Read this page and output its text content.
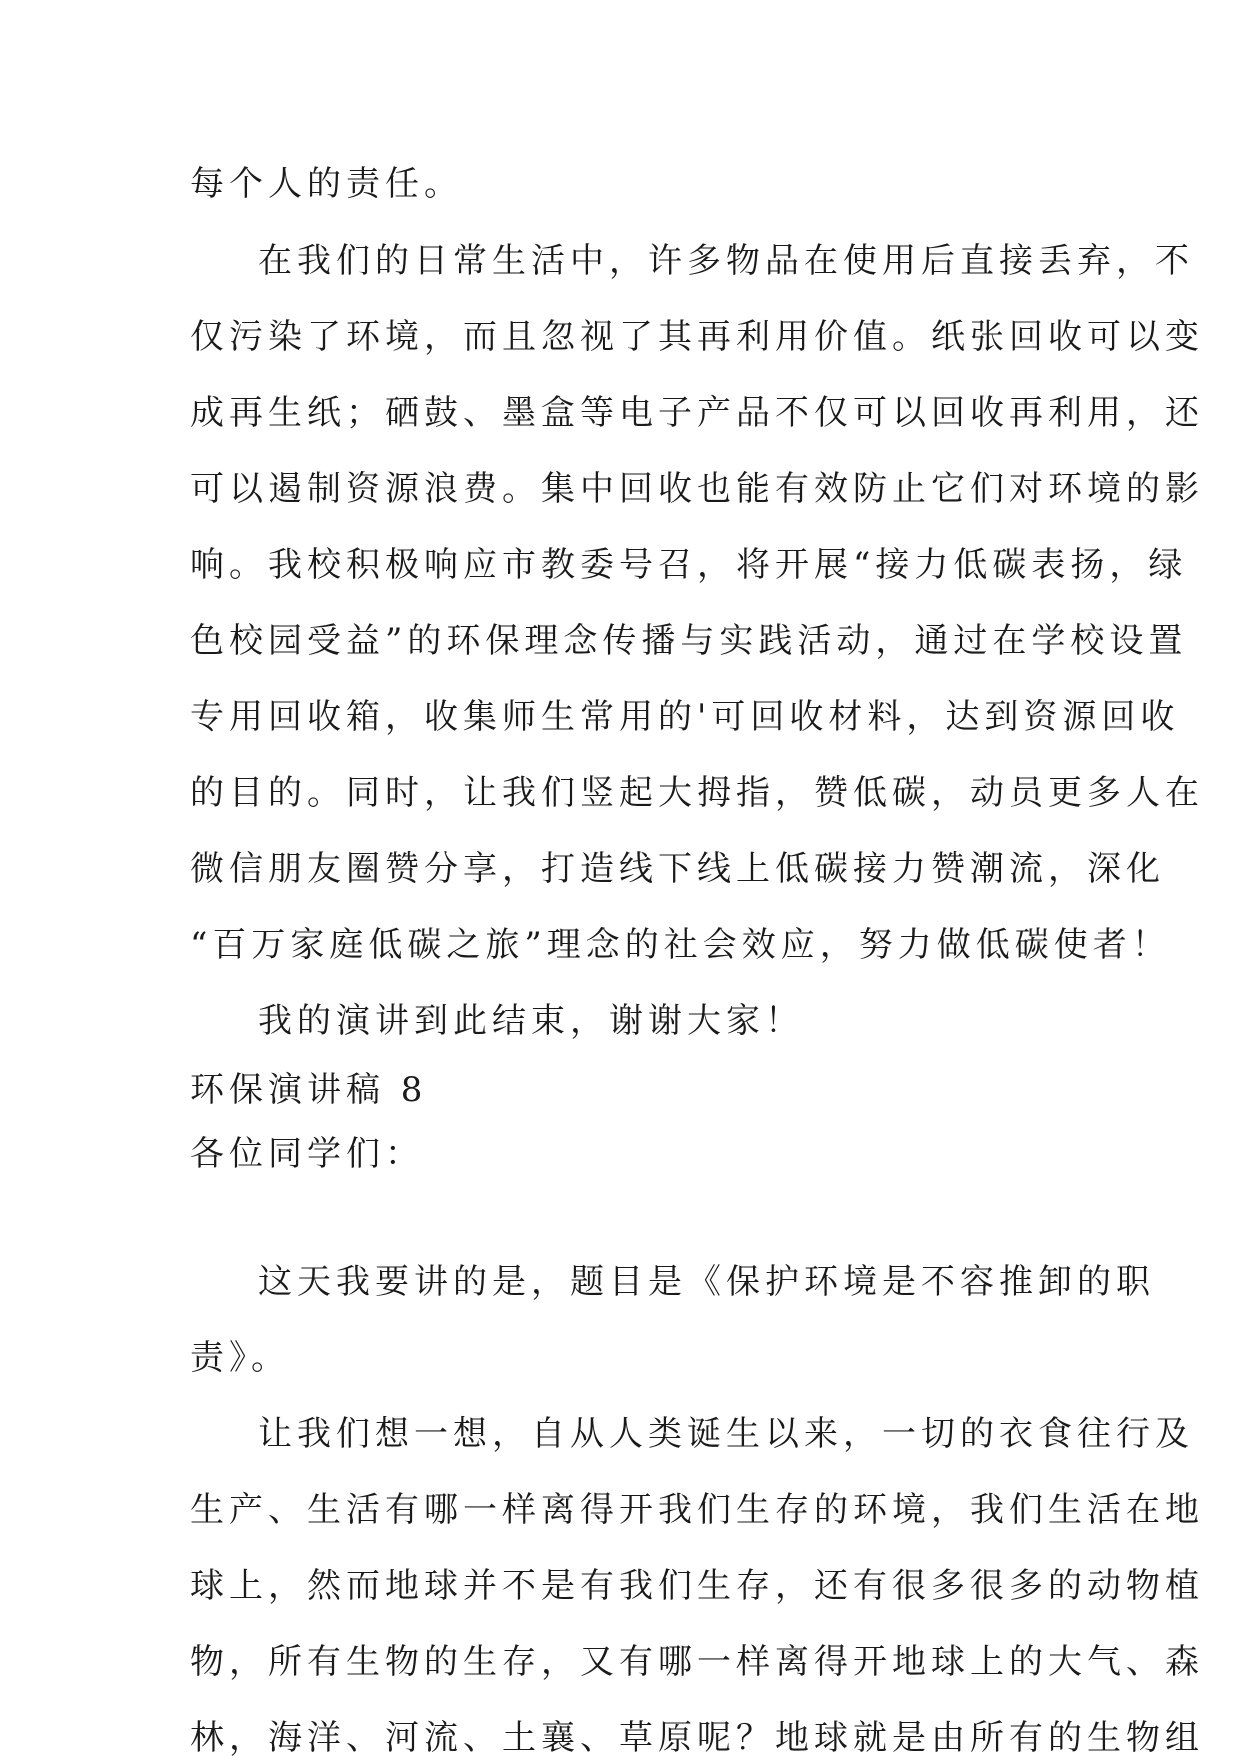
每个人的责任。
在我们的日常生活中，许多物品在使用后直接丢弃，不
仅污染了环境，而且忽视了其再利用价值。纸张回收可以变
成再生纸；硒鼓、墨盒等电子产品不仅可以回收再利用，还
可以遏制资源浪费。集中回收也能有效防止它们对环境的影
响。我校积极响应市教委号召，将开展“接力低碳表扬，绿
色校园受益”的环保理念传播与实践活动，通过在学校设置
专用回收箱，收集师生常用的'可回收材料，达到资源回收
的目的。同时，让我们竖起大拇指，赞低碳，动员更多人在
微信朋友圈赞分享，打造线下线上低碳接力赞潮流，深化
“百万家庭低碳之旅”理念的社会效应，努力做低碳使者！
我的演讲到此结束，谢谢大家！
环保演讲稿 8
各位同学们：
这天我要讲的是，题目是《保护环境是不容推卸的职
责》。
让我们想一想，自从人类诞生以来，一切的衣食往行及
生产、生活有哪一样离得开我们生存的环境，我们生活在地
球上，然而地球并不是有我们生存，还有很多很多的动物植
物，所有生物的生存，又有哪一样离得开地球上的大气、森
林，海洋、河流、土襄、草原呢？地球就是由所有的生物组
